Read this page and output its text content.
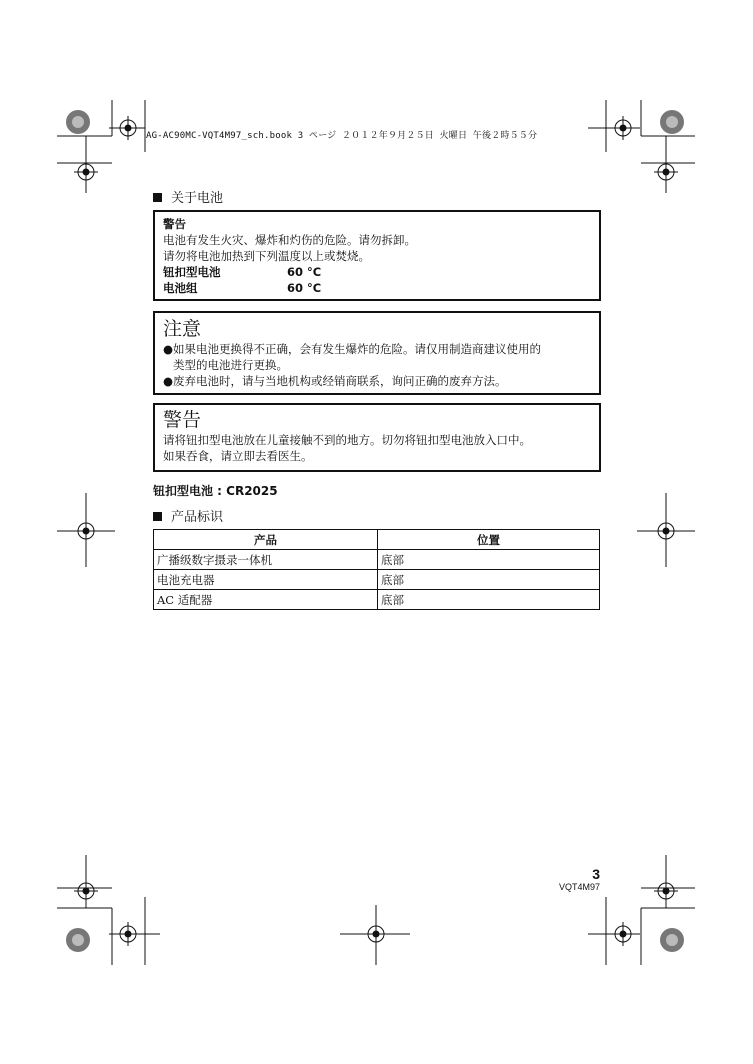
AG-AC90MC-VQT4M97_sch.book 3 ページ ２０１２年９月２５日 火曜日 午後２時５５分
关于电池
警告
电池有发生火灾、爆炸和灼伤的危险。请勿拆卸。
请勿将电池加热到下列温度以上或焚烧。
钮扣型电池	60 °C
电池组	60 °C
注意
● 如果电池更换得不正确，会有发生爆炸的危险。请仅用制造商建议使用的
类型的电池进行更换。
● 废弃电池时，请与当地机构或经销商联系，询问正确的废弃方法。
警告
请将钮扣型电池放在儿童接触不到的地方。切勿将钮扣型电池放入口中。
如果吞食，请立即去看医生。
钮扣型电池 : CR2025
产品标识
产品	位置
广播级数字摄录一体机	底部
电池充电器	底部
AC 适配器	底部
3
VQT4M97
